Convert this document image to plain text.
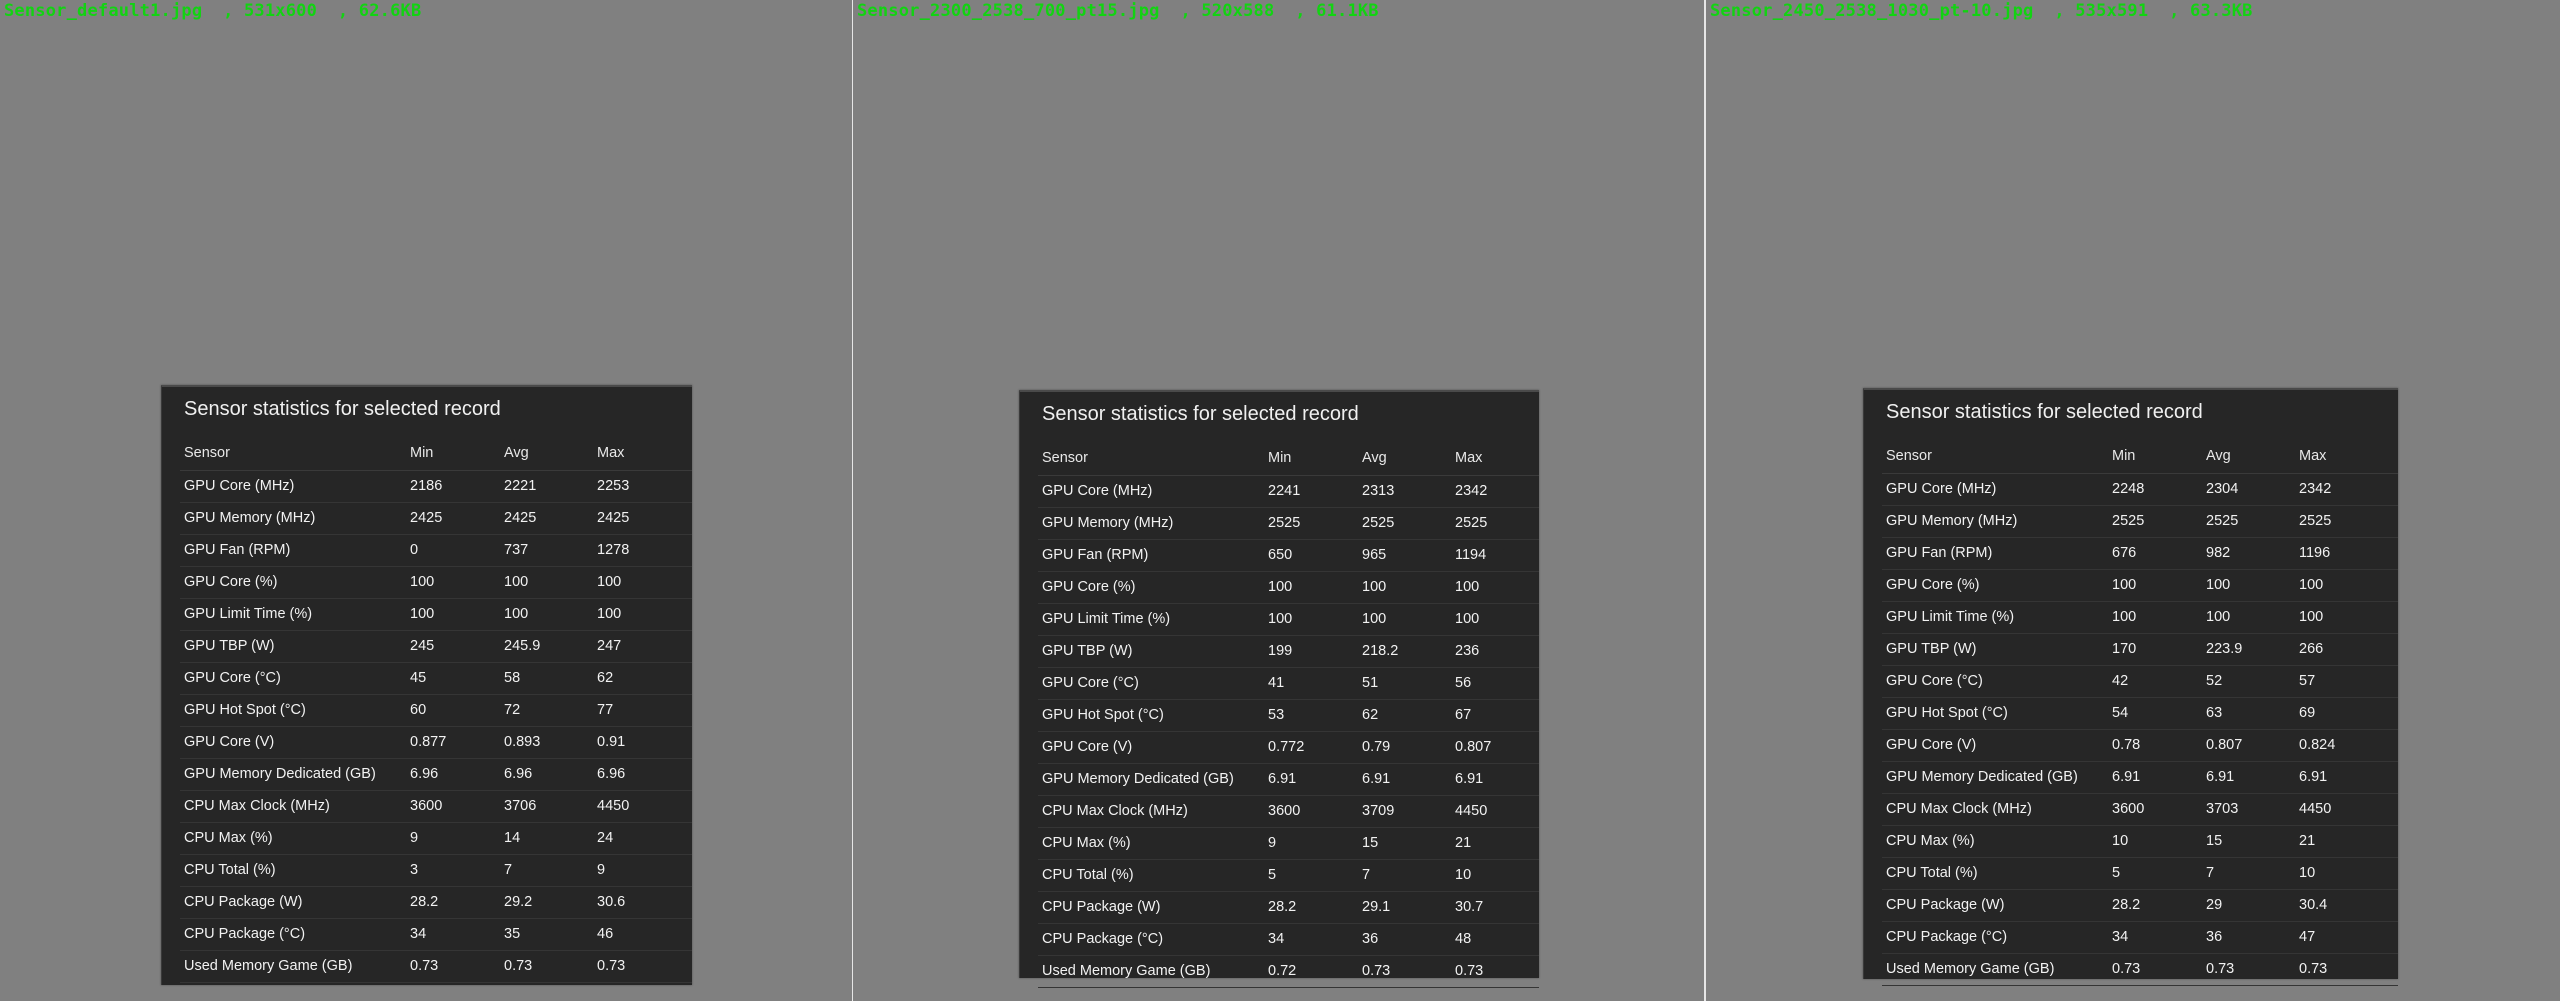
Sensor_default1.jpg  , 531x600  , 62.6KB
Sensor statistics for selected record
Sensor	Min	Avg	Max
GPU Core (MHz)	2186	2221	2253
GPU Memory (MHz)	2425	2425	2425
GPU Fan (RPM)	0	737	1278
GPU Core (%)	100	100	100
GPU Limit Time (%)	100	100	100
GPU TBP (W)	245	245.9	247
GPU Core (°C)	45	58	62
GPU Hot Spot (°C)	60	72	77
GPU Core (V)	0.877	0.893	0.91
GPU Memory Dedicated (GB) 6.96	6.96	6.96
CPU Max Clock (MHz)	3600	3706	4450
CPU Max (%)	9	14	24
CPU Total (%)	3	7	9
CPU Package (W)	28.2	29.2	30.6
CPU Package (°C)	34	35	46
Used Memory Game (GB)	0.73	0.73	0.73
Sensor_2300_2538_700_pt15.jpg  , 520x588  , 61.1KB
Sensor statistics for selected record
Sensor	Min	Avg	Max
GPU Core (MHz)	2241	2313	2342
GPU Memory (MHz)	2525	2525	2525
GPU Fan (RPM)	650	965	1194
GPU Core (%)	100	100	100
GPU Limit Time (%)	100	100	100
GPU TBP (W)	199	218.2	236
GPU Core (°C)	41	51	56
GPU Hot Spot (°C)	53	62	67
GPU Core (V)	0.772	0.79	0.807
GPU Memory Dedicated (GB) 6.91	6.91	6.91
CPU Max Clock (MHz)	3600	3709	4450
CPU Max (%)	9	15	21
CPU Total (%)	5	7	10
CPU Package (W)	28.2	29.1	30.7
CPU Package (°C)	34	36	48
Used Memory Game (GB)	0.72	0.73	0.73
Sensor_2450_2538_1030_pt-10.jpg  , 535x591  , 63.3KB
Sensor statistics for selected record
Sensor	Min	Avg	Max
GPU Core (MHz)	2248	2304	2342
GPU Memory (MHz)	2525	2525	2525
GPU Fan (RPM)	676	982	1196
GPU Core (%)	100	100	100
GPU Limit Time (%)	100	100	100
GPU TBP (W)	170	223.9	266
GPU Core (°C)	42	52	57
GPU Hot Spot (°C)	54	63	69
GPU Core (V)	0.78	0.807	0.824
GPU Memory Dedicated (GB) 6.91	6.91	6.91
CPU Max Clock (MHz)	3600	3703	4450
CPU Max (%)	10	15	21
CPU Total (%)	5	7	10
CPU Package (W)	28.2	29	30.4
CPU Package (°C)	34	36	47
Used Memory Game (GB)	0.73	0.73	0.73
